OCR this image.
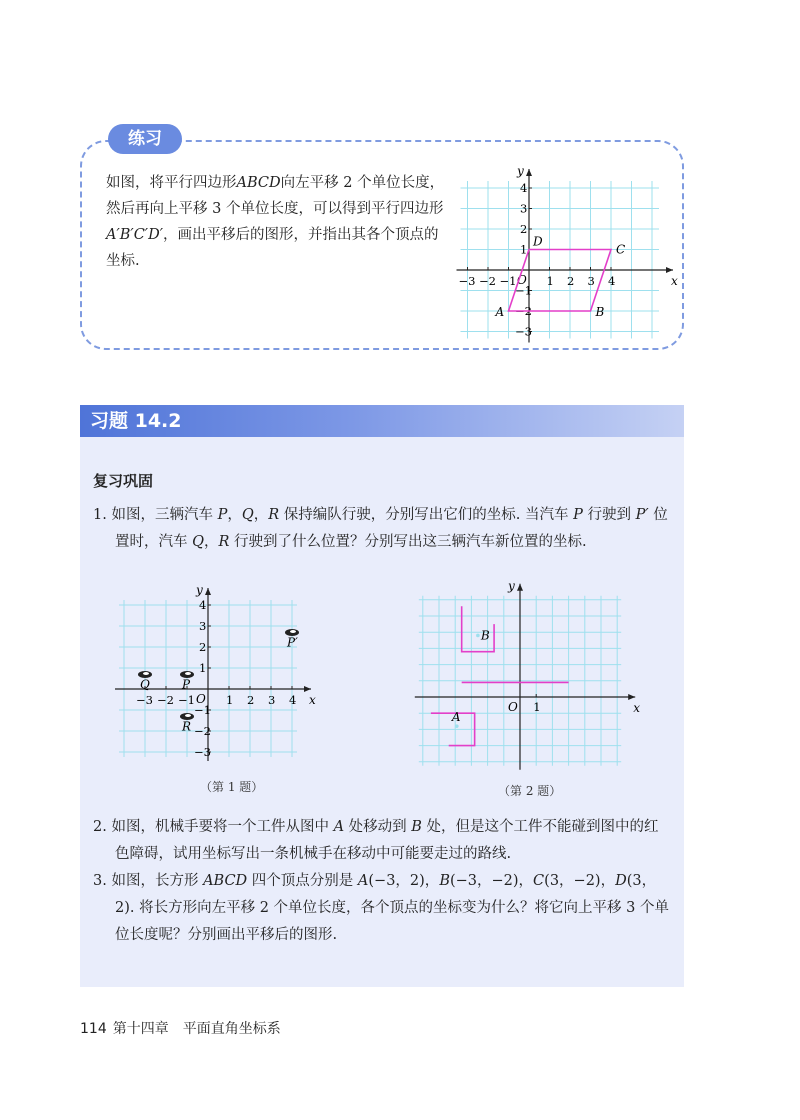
练习
如图，将平行四边形ABCD向左平移 2 个单位长度，然后再向上平移 3 个单位长度，可以得到平行四边形A′B′C′D′，画出平移后的图形，并指出其各个顶点的坐标.
x
y
O
−3 −2 −1	1 2 3 4
4
3
2
1
−1
−2
−3
A	B
C
D
习题 14.2
复习巩固
1. 如图，三辆汽车 P，Q，R 保持编队行驶，分别写出它们的坐标. 当汽车 P 行驶到 P′ 位置时，汽车 Q，R 行驶到了什么位置？分别写出这三辆汽车新位置的坐标.
x
y
O
−3 −2 −1	1 2 3 4
4
3
2
1
−1
−2
−3
Q	P
R
P′
（第 1 题）
x
y
O 1
B
A
（第 2 题）
2. 如图，机械手要将一个工件从图中 A 处移动到 B 处，但是这个工件不能碰到图中的红色障碍，试用坐标写出一条机械手在移动中可能要走过的路线.
3. 如图，长方形 ABCD 四个顶点分别是 A(−3，2)，B(−3，−2)，C(3，−2)，D(3，2). 将长方形向左平移 2 个单位长度，各个顶点的坐标变为什么？将它向上平移 3 个单位长度呢？分别画出平移后的图形.
114 第十四章　平面直角坐标系
